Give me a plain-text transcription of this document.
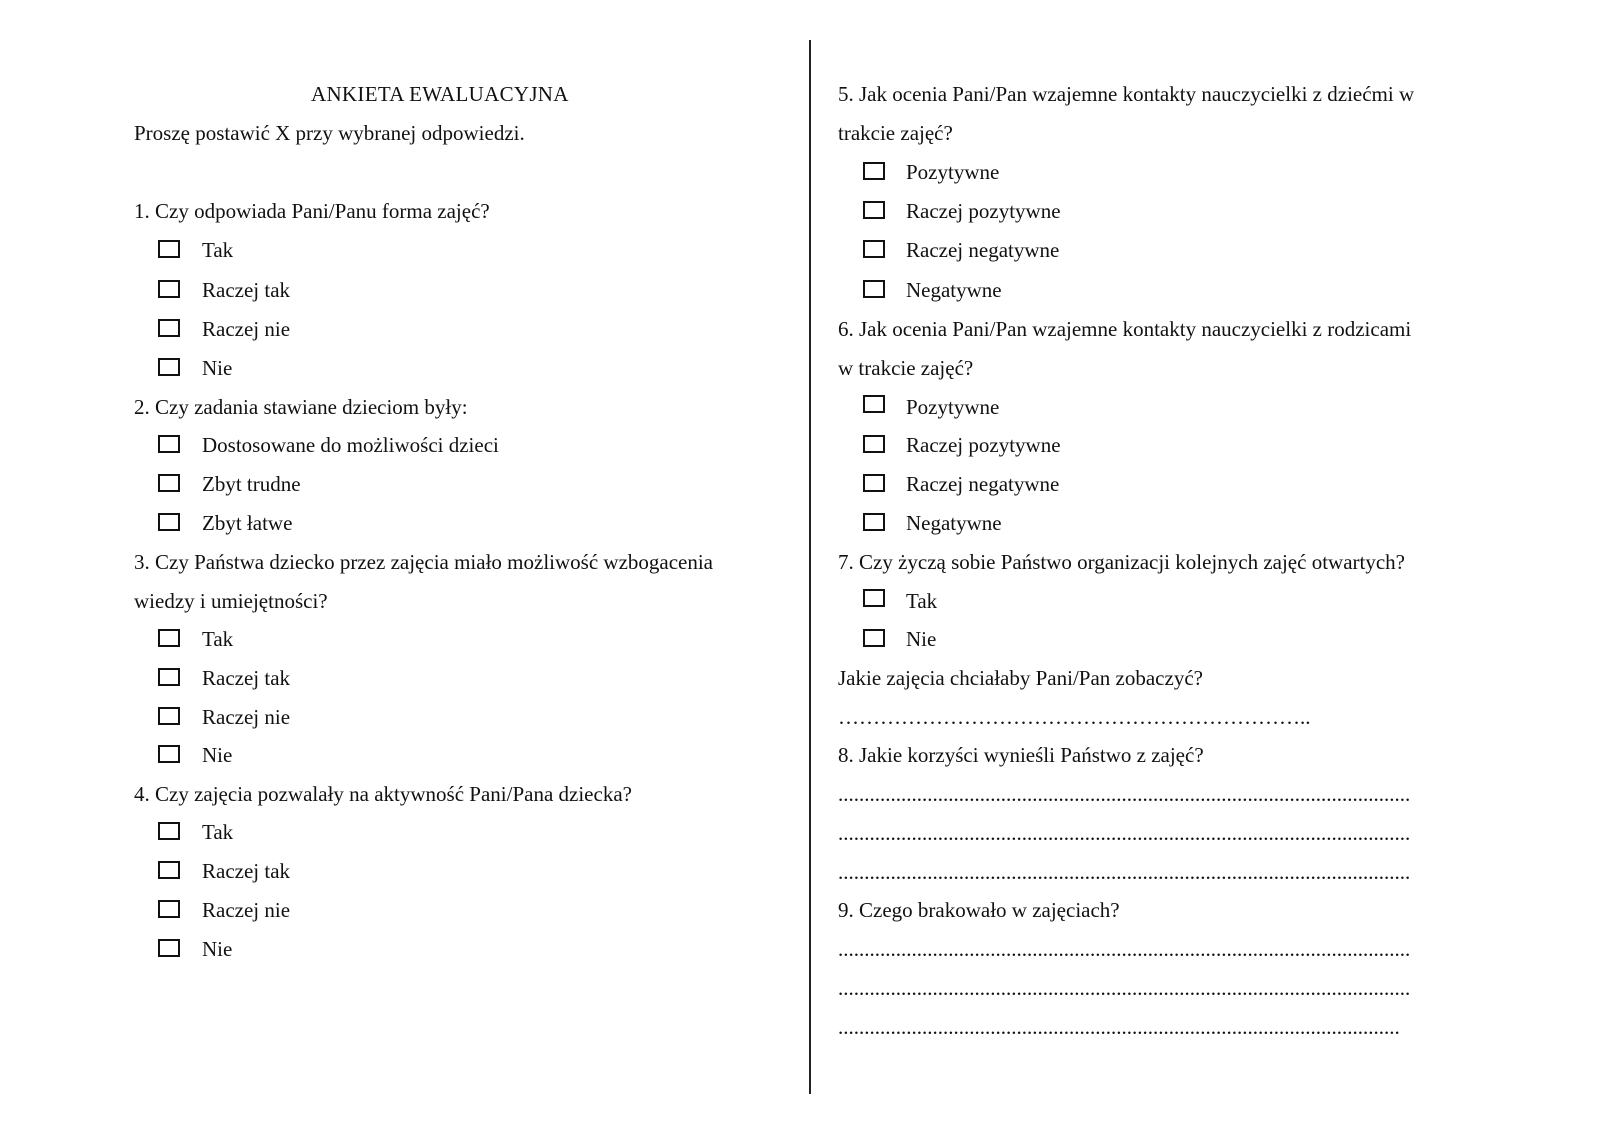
ANKIETA EWALUACYJNA
Proszę postawić X przy wybranej odpowiedzi.
1. Czy odpowiada Pani/Panu forma zajęć?
Tak
Raczej tak
Raczej nie
Nie
2. Czy zadania stawiane dzieciom były:
Dostosowane do możliwości dzieci
Zbyt trudne
Zbyt łatwe
3. Czy Państwa dziecko przez zajęcia miało możliwość wzbogacenia
wiedzy i umiejętności?
Tak
Raczej tak
Raczej nie
Nie
4. Czy zajęcia pozwalały na aktywność Pani/Pana dziecka?
Tak
Raczej tak
Raczej nie
Nie
5. Jak ocenia Pani/Pan wzajemne kontakty nauczycielki z dziećmi w
trakcie zajęć?
Pozytywne
Raczej pozytywne
Raczej negatywne
Negatywne
6. Jak ocenia Pani/Pan wzajemne kontakty nauczycielki z rodzicami
w trakcie zajęć?
Pozytywne
Raczej pozytywne
Raczej negatywne
Negatywne
7. Czy życzą sobie Państwo organizacji kolejnych zajęć otwartych?
Tak
Nie
Jakie zajęcia chciałaby Pani/Pan zobaczyć?
…………………………………………………………..
8. Jakie korzyści wynieśli Państwo z zajęć?
.............................................................................................................
.............................................................................................................
.............................................................................................................
9. Czego brakowało w zajęciach?
.............................................................................................................
.............................................................................................................
...........................................................................................................
